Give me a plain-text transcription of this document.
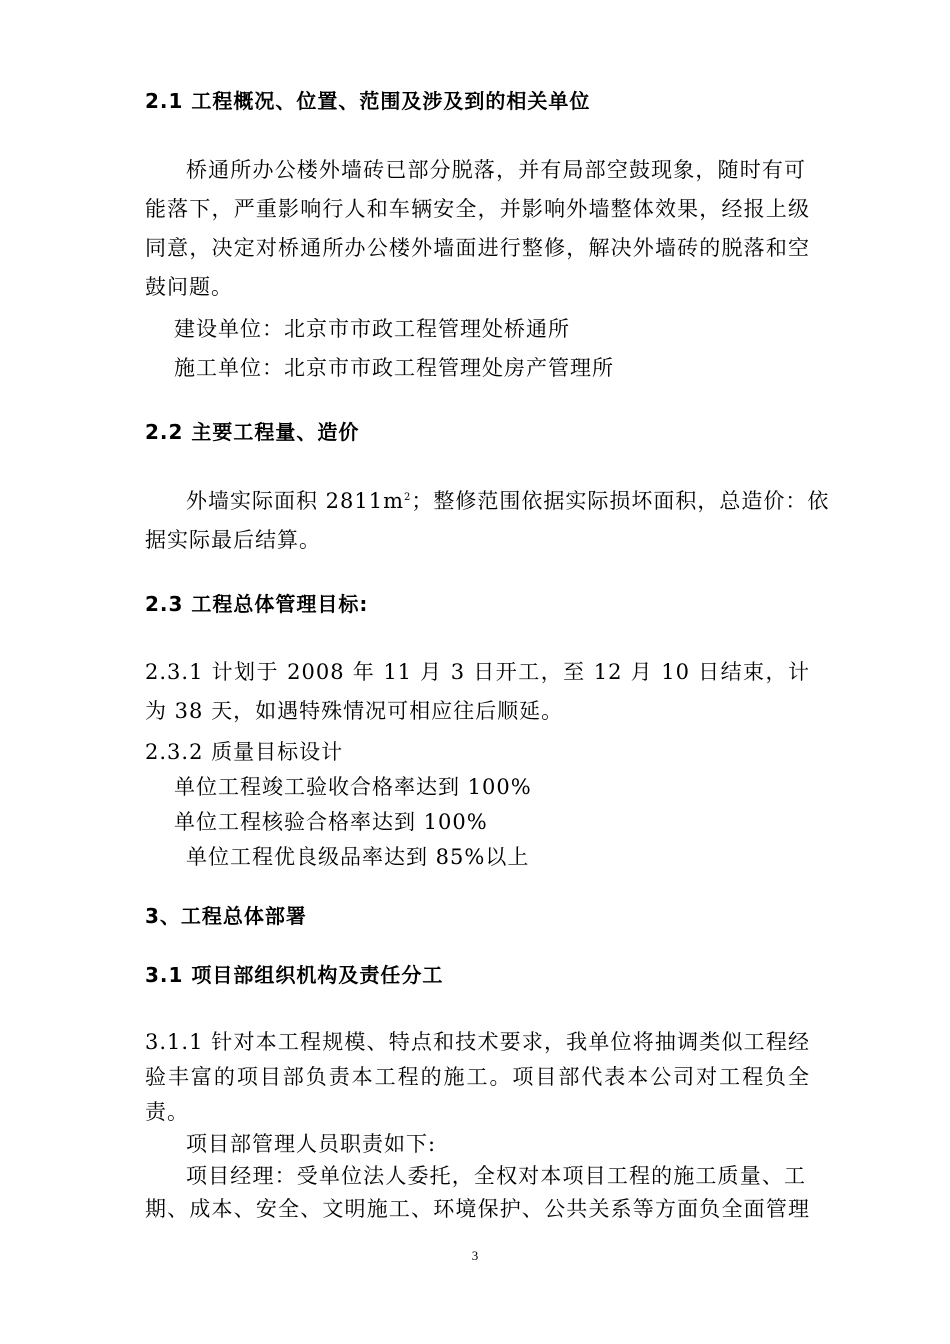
2.1 工程概况、位置、范围及涉及到的相关单位
桥通所办公楼外墙砖已部分脱落，并有局部空鼓现象，随时有可
能落下，严重影响行人和车辆安全，并影响外墙整体效果，经报上级
同意，决定对桥通所办公楼外墙面进行整修，解决外墙砖的脱落和空
鼓问题。
建设单位：北京市市政工程管理处桥通所
施工单位：北京市市政工程管理处房产管理所
2.2 主要工程量、造价
外墙实际面积 $2811m^2$；整修范围依据实际损坏面积，总造价：依
据实际最后结算。
2.3 工程总体管理目标:
2.3.1 计划于 2008 年 11 月 3 日开工，至 12 月 10 日结束，计
为 38 天，如遇特殊情况可相应往后顺延。
2.3.2 质量目标设计
单位工程竣工验收合格率达到 100%
单位工程核验合格率达到 100%
单位工程优良级品率达到 85%以上
3、工程总体部署
3.1 项目部组织机构及责任分工
3.1.1 针对本工程规模、特点和技术要求，我单位将抽调类似工程经
验丰富的项目部负责本工程的施工。项目部代表本公司对工程负全
责。
项目部管理人员职责如下:
项目经理：受单位法人委托，全权对本项目工程的施工质量、工
期、成本、安全、文明施工、环境保护、公共关系等方面负全面管理
3
